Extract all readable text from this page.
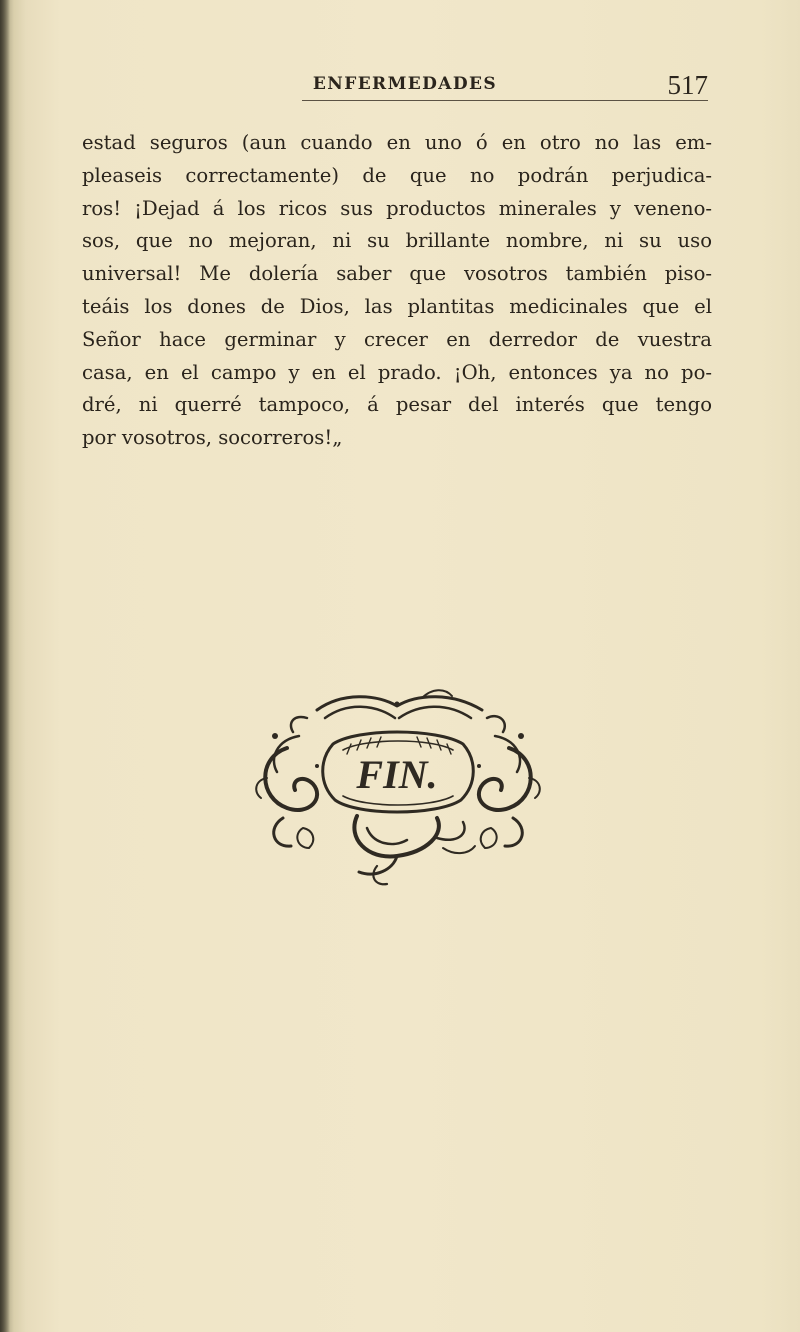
ENFERMEDADES	517
estad seguros (aun cuando en uno ó en otro no las em-
pleaseis correctamente) de que no podrán perjudica-
ros! ¡Dejad á los ricos sus productos minerales y veneno-
sos, que no mejoran, ni su brillante nombre, ni su uso
universal! Me dolería saber que vosotros también piso-
teáis los dones de Dios, las plantitas medicinales que el
Señor hace germinar y crecer en derredor de vuestra
casa, en el campo y en el prado. ¡Oh, entonces ya no po-
dré, ni querré tampoco, á pesar del interés que tengo
por vosotros, socorreros!„
FIN.
